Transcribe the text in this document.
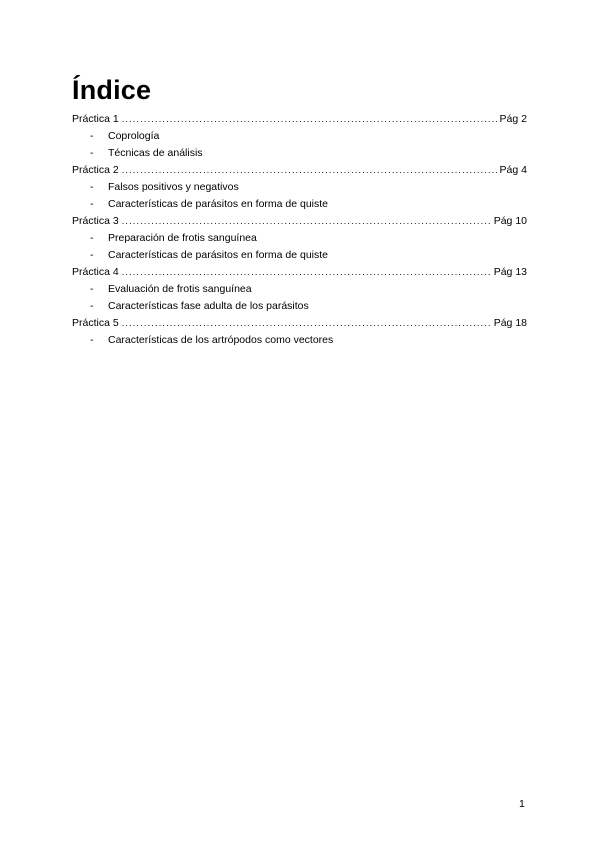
Índice
Práctica 1 .....	Pág 2
-	Coprología
-	Técnicas de análisis
Práctica 2 .....	Pág 4
-	Falsos positivos y negativos
-	Características de parásitos en forma de quiste
Práctica 3 .....	Pág 10
-	Preparación de frotis sanguínea
-	Características de parásitos en forma de quiste
Práctica 4 .....	Pág 13
-	Evaluación de frotis sanguínea
-	Características fase adulta de los parásitos
Práctica 5 .....	Pág 18
-	Características de los artrópodos como vectores
1
